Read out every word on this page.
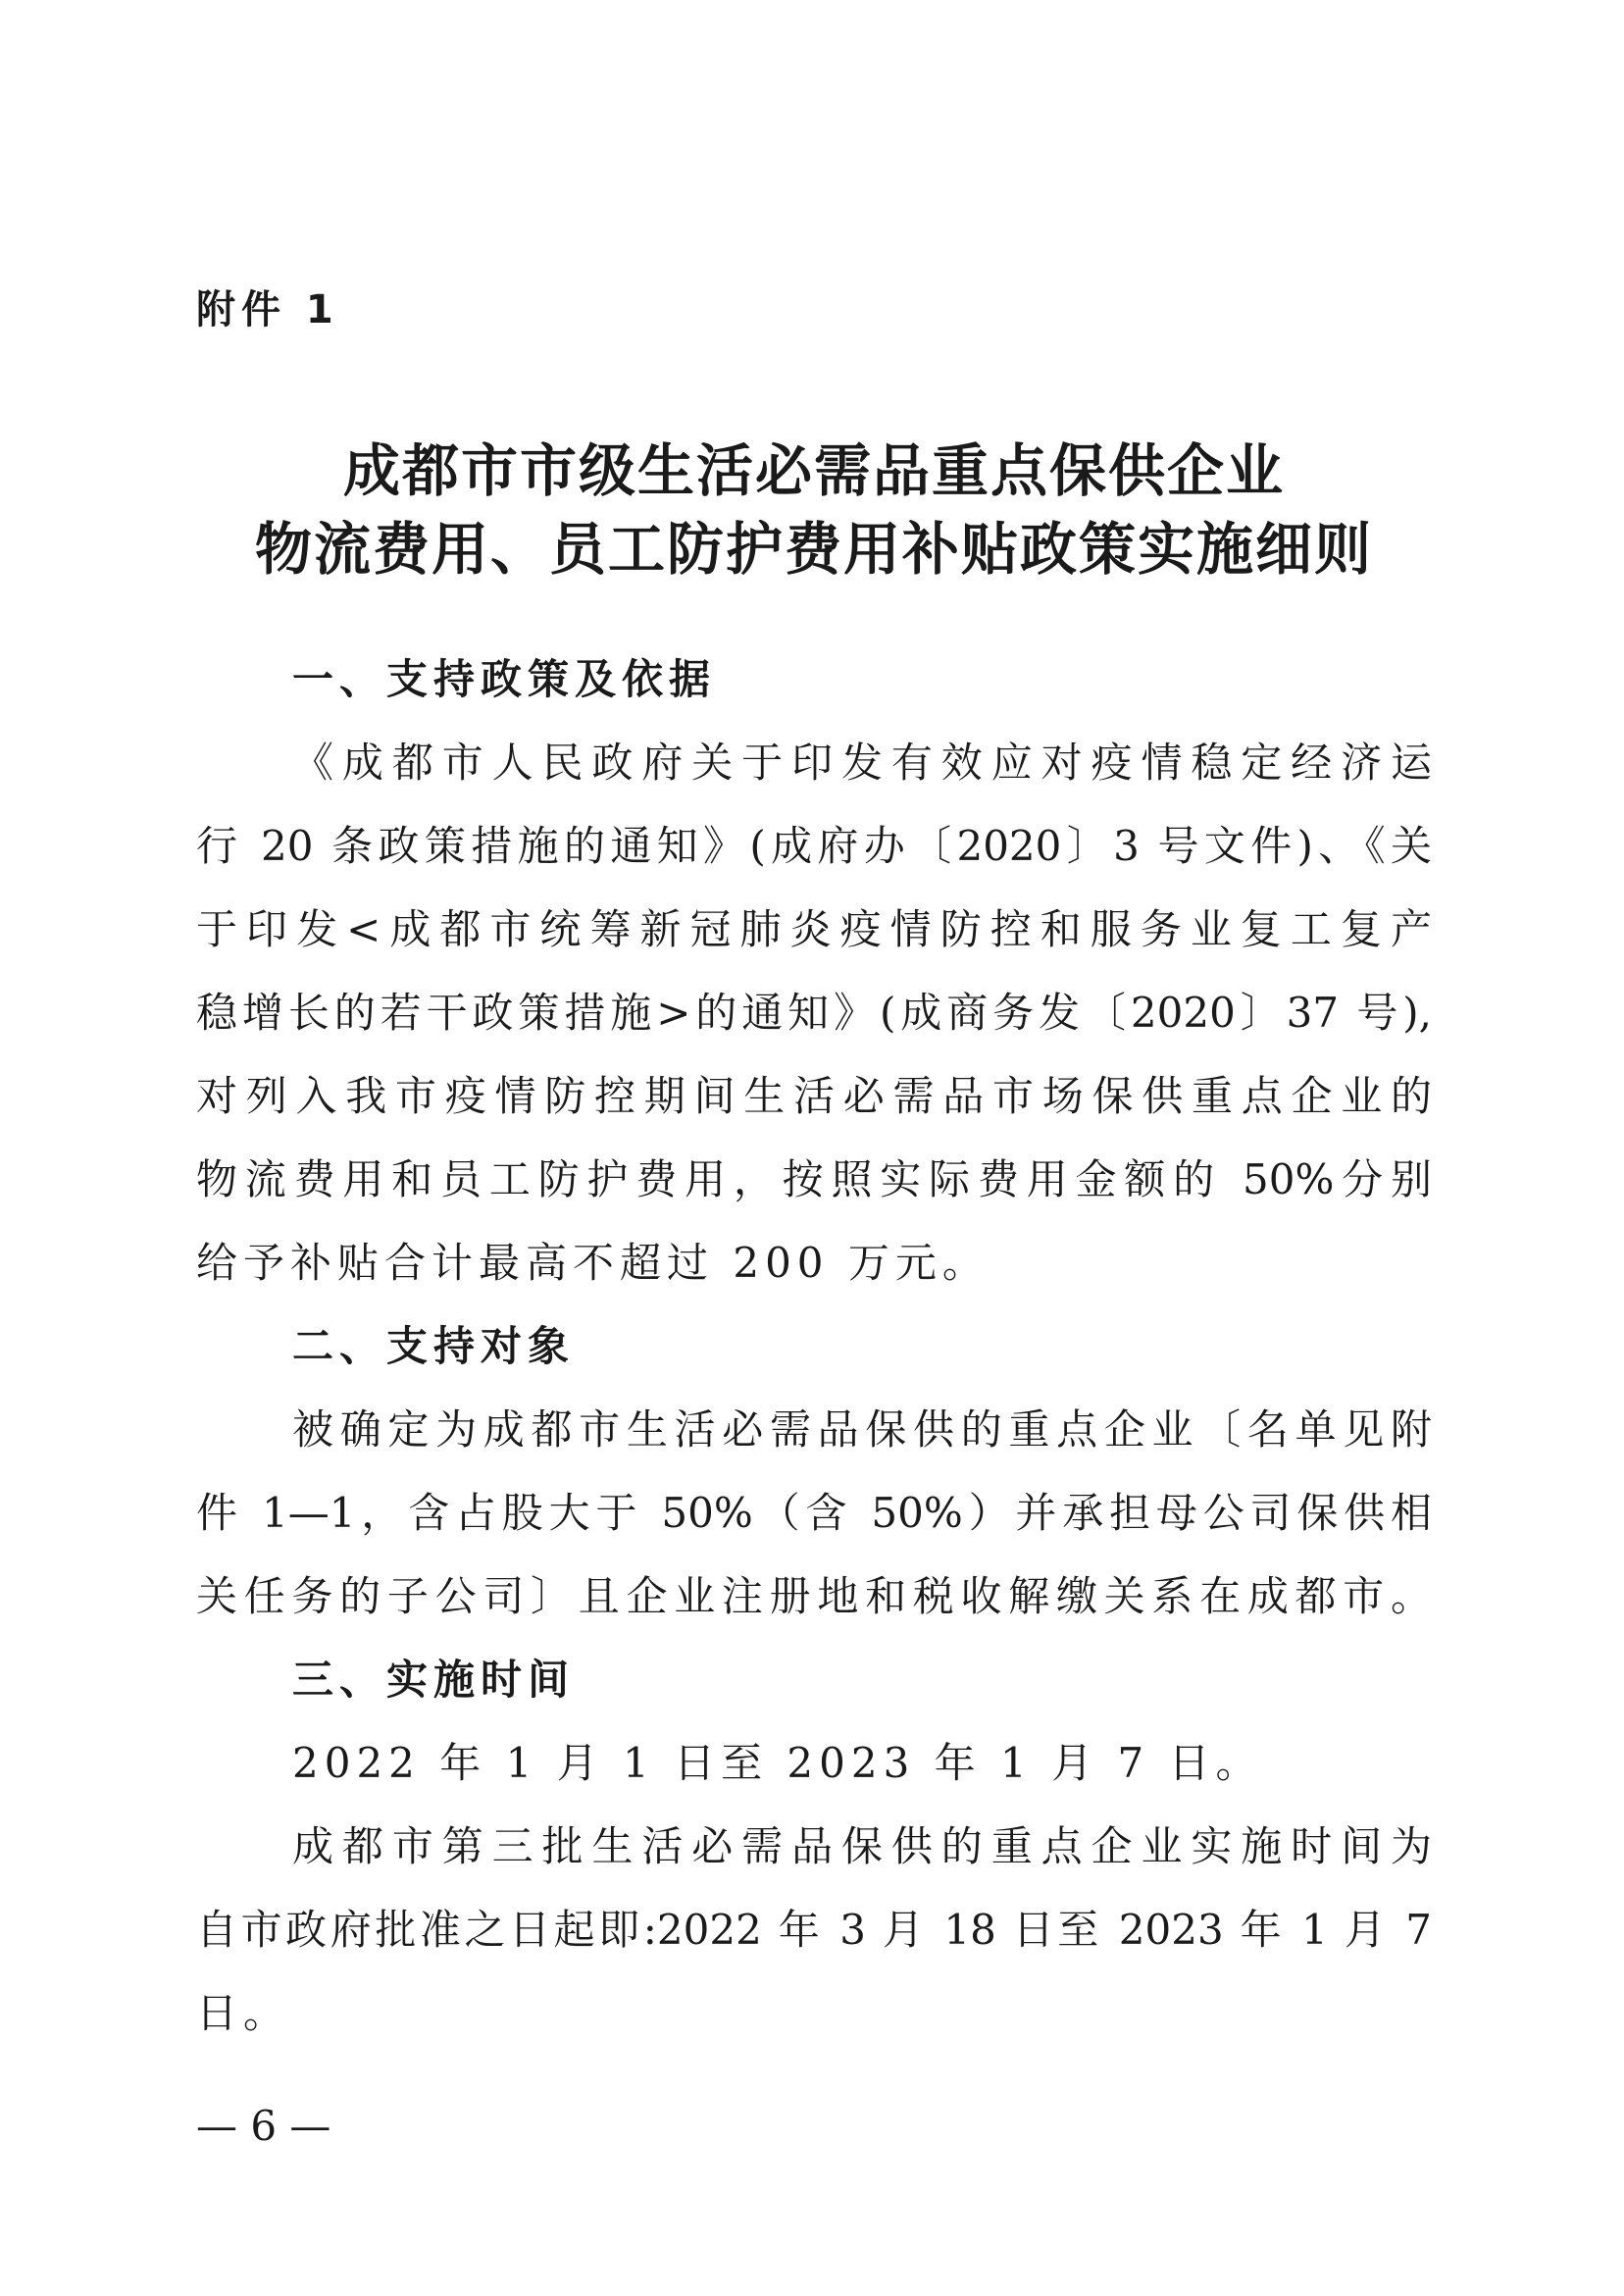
附件 1
成都市市级生活必需品重点保供企业
物流费用、员工防护费用补贴政策实施细则
一、支持政策及依据
《成都市人民政府关于印发有效应对疫情稳定经济运
行 20 条政策措施的通知》(成府办〔2020〕3 号文件)、《关
于印发<成都市统筹新冠肺炎疫情防控和服务业复工复产
稳增长的若干政策措施>的通知》(成商务发〔2020〕37 号),
对列入我市疫情防控期间生活必需品市场保供重点企业的
物流费用和员工防护费用，按照实际费用金额的 50%分别
给予补贴合计最高不超过 200 万元。
二、支持对象
被确定为成都市生活必需品保供的重点企业〔名单见附
件 1—1，含占股大于 50%（含 50%）并承担母公司保供相
关任务的子公司〕且企业注册地和税收解缴关系在成都市。
三、实施时间
2022 年 1 月 1 日至 2023 年 1 月 7 日。
成都市第三批生活必需品保供的重点企业实施时间为
自市政府批准之日起即:2022 年 3 月 18 日至 2023 年 1 月 7
日。
— 6 —
